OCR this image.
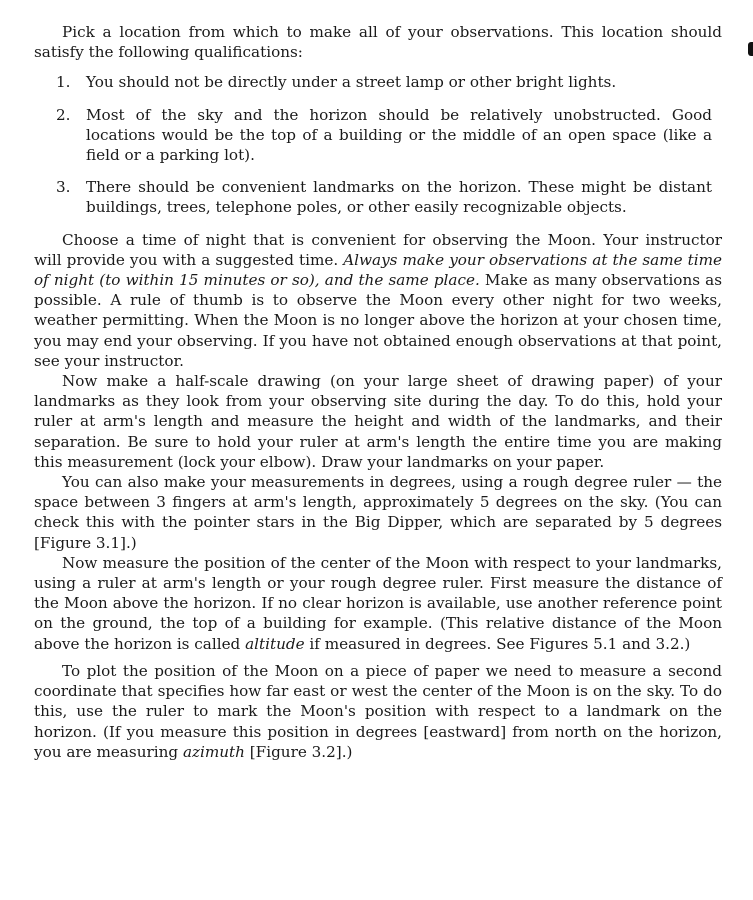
Pick a location from which to make all of your observations. This location should satisfy the following qualifications:

1.	You should not be directly under a street lamp or other bright lights.
2.	Most of the sky and the horizon should be relatively unobstructed. Good locations would be the top of a building or the middle of an open space (like a field or a parking lot).
3.	There should be convenient landmarks on the horizon. These might be distant buildings, trees, telephone poles, or other easily recognizable objects.

Choose a time of night that is convenient for observing the Moon. Your instructor will provide you with a suggested time. Always make your observations at the same time of night (to within 15 minutes or so), and the same place. Make as many observations as possible. A rule of thumb is to observe the Moon every other night for two weeks, weather permitting. When the Moon is no longer above the horizon at your chosen time, you may end your observing. If you have not obtained enough observations at that point, see your instructor.

Now make a half-scale drawing (on your large sheet of drawing paper) of your landmarks as they look from your observing site during the day. To do this, hold your ruler at arm's length and measure the height and width of the landmarks, and their separation. Be sure to hold your ruler at arm's length the entire time you are making this measurement (lock your elbow). Draw your landmarks on your paper.

You can also make your measurements in degrees, using a rough degree ruler — the space between 3 fingers at arm's length, approximately 5 degrees on the sky. (You can check this with the pointer stars in the Big Dipper, which are separated by 5 degrees [Figure 3.1].)

Now measure the position of the center of the Moon with respect to your landmarks, using a ruler at arm's length or your rough degree ruler. First measure the distance of the Moon above the horizon. If no clear horizon is available, use another reference point on the ground, the top of a building for example. (This relative distance of the Moon above the horizon is called altitude if measured in degrees. See Figures 5.1 and 3.2.)

To plot the position of the Moon on a piece of paper we need to measure a second coordinate that specifies how far east or west the center of the Moon is on the sky. To do this, use the ruler to mark the Moon's position with respect to a landmark on the horizon. (If you measure this position in degrees [eastward] from north on the horizon, you are measuring azimuth [Figure 3.2].)
